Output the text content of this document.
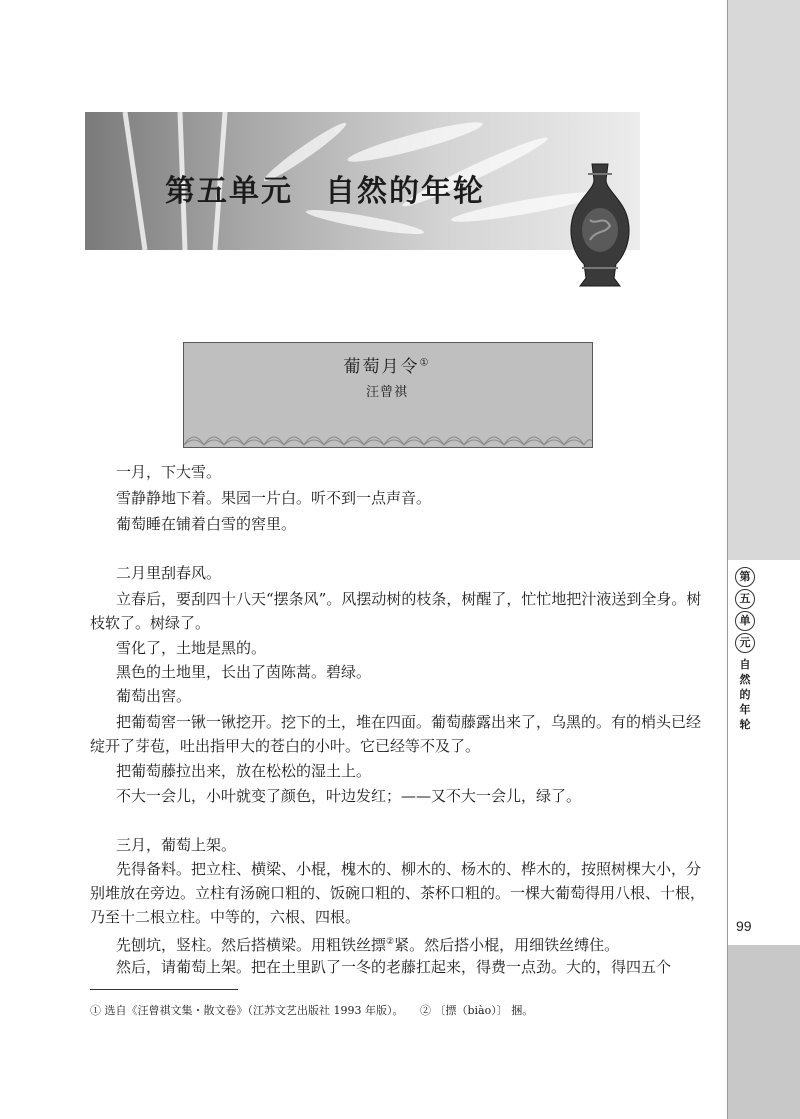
第
五
单
元
自
然
的
年
轮
99
第五单元　自然的年轮
葡萄月令①
汪曾祺
一月，下大雪。
雪静静地下着。果园一片白。听不到一点声音。
葡萄睡在铺着白雪的窖里。
二月里刮春风。
立春后，要刮四十八天“摆条风”。风摆动树的枝条，树醒了，忙忙地把汁液送到全身。树枝软了。树绿了。
雪化了，土地是黑的。
黑色的土地里，长出了茵陈蒿。碧绿。
葡萄出窖。
把葡萄窖一锹一锹挖开。挖下的土，堆在四面。葡萄藤露出来了，乌黑的。有的梢头已经绽开了芽苞，吐出指甲大的苍白的小叶。它已经等不及了。
把葡萄藤拉出来，放在松松的湿土上。
不大一会儿，小叶就变了颜色，叶边发红；——又不大一会儿，绿了。
三月，葡萄上架。
先得备料。把立柱、横梁、小棍，槐木的、柳木的、杨木的、桦木的，按照树棵大小，分别堆放在旁边。立柱有汤碗口粗的、饭碗口粗的、茶杯口粗的。一棵大葡萄得用八根、十根，乃至十二根立柱。中等的，六根、四根。
先刨坑，竖柱。然后搭横梁。用粗铁丝摽②紧。然后搭小棍，用细铁丝缚住。
然后，请葡萄上架。把在土里趴了一冬的老藤扛起来，得费一点劲。大的，得四五个
① 选自《汪曾祺文集・散文卷》（江苏文艺出版社 1993 年版）。　　② 〔摽（biào）〕 捆。
